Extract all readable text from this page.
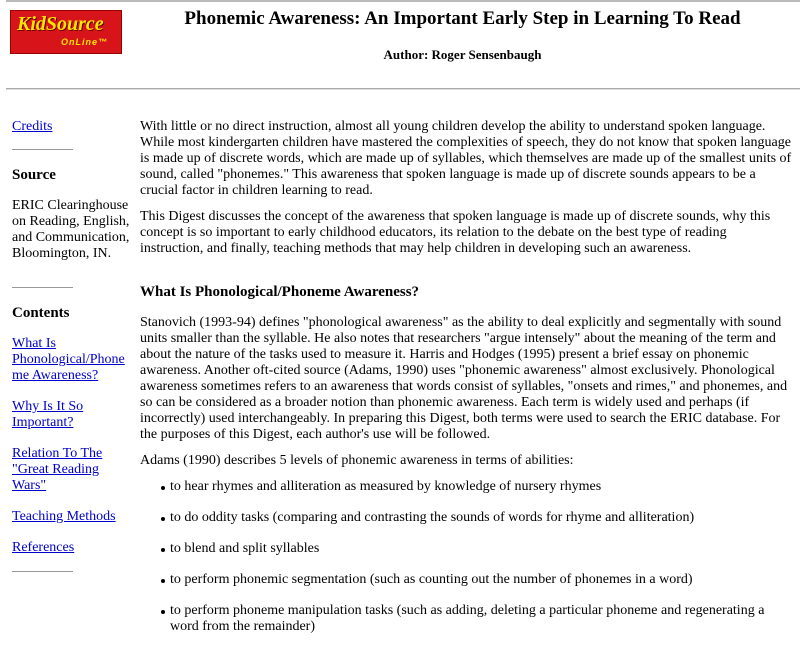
KidSource
OnLine™
Phonemic Awareness: An Important Early Step in Learning To Read
Author: Roger Sensenbaugh
Credits
Source
ERIC Clearinghouse on Reading, English, and Communication, Bloomington, IN.
Contents
What Is Phonological/Phoneme Awareness?
Why Is It So Important?
Relation To The "Great Reading Wars"
Teaching Methods
References

With little or no direct instruction, almost all young children develop the ability to understand spoken language. While most kindergarten children have mastered the complexities of speech, they do not know that spoken language is made up of discrete words, which are made up of syllables, which themselves are made up of the smallest units of sound, called "phonemes." This awareness that spoken language is made up of discrete sounds appears to be a crucial factor in children learning to read.

This Digest discusses the concept of the awareness that spoken language is made up of discrete sounds, why this concept is so important to early childhood educators, its relation to the debate on the best type of reading instruction, and finally, teaching methods that may help children in developing such an awareness.

What Is Phonological/Phoneme Awareness?

Stanovich (1993-94) defines "phonological awareness" as the ability to deal explicitly and segmentally with sound units smaller than the syllable. He also notes that researchers "argue intensely" about the meaning of the term and about the nature of the tasks used to measure it. Harris and Hodges (1995) present a brief essay on phonemic awareness. Another oft-cited source (Adams, 1990) uses "phonemic awareness" almost exclusively. Phonological awareness sometimes refers to an awareness that words consist of syllables, "onsets and rimes," and phonemes, and so can be considered as a broader notion than phonemic awareness. Each term is widely used and perhaps (if incorrectly) used interchangeably. In preparing this Digest, both terms were used to search the ERIC database. For the purposes of this Digest, each author's use will be followed.

Adams (1990) describes 5 levels of phonemic awareness in terms of abilities:

to hear rhymes and alliteration as measured by knowledge of nursery rhymes
to do oddity tasks (comparing and contrasting the sounds of words for rhyme and alliteration)
to blend and split syllables
to perform phonemic segmentation (such as counting out the number of phonemes in a word)
to perform phoneme manipulation tasks (such as adding, deleting a particular phoneme and regenerating a word from the remainder)
